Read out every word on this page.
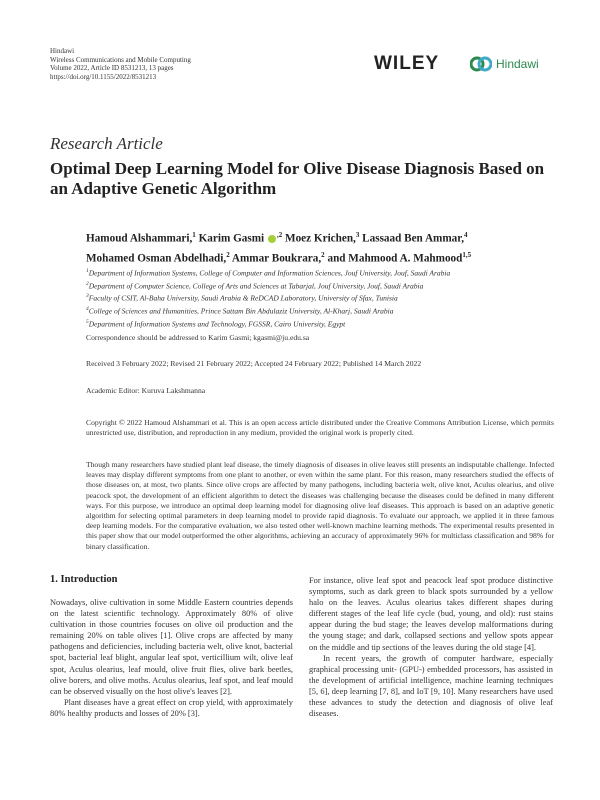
Hindawi
Wireless Communications and Mobile Computing
Volume 2022, Article ID 8531213, 13 pages
https://doi.org/10.1155/2022/8531213
WILEY	Hindawi
Research Article
Optimal Deep Learning Model for Olive Disease Diagnosis Based on an Adaptive Genetic Algorithm
Hamoud Alshammari,$^1$ Karim Gasmi $^{,2}$ Moez Krichen,$^3$ Lassaad Ben Ammar,$^4$
Mohamed Osman Abdelhadi,$^2$ Ammar Boukrara,$^2$ and Mahmood A. Mahmood$^{1,5}$
$^1$Department of Information Systems, College of Computer and Information Sciences, Jouf University, Jouf, Saudi Arabia
$^2$Department of Computer Science, College of Arts and Sciences at Tabarjal, Jouf University, Jouf, Saudi Arabia
$^3$Faculty of CSIT, Al-Baha University, Saudi Arabia & ReDCAD Laboratory, University of Sfax, Tunisia
$^4$College of Sciences and Humanities, Prince Sattam Bin Abdulaziz University, Al-Kharj, Saudi Arabia
$^5$Department of Information Systems and Technology, FGSSR, Cairo University, Egypt
Correspondence should be addressed to Karim Gasmi; kgasmi@ju.edu.sa
Received 3 February 2022; Revised 21 February 2022; Accepted 24 February 2022; Published 14 March 2022
Academic Editor: Kuruva Lakshmanna
Copyright © 2022 Hamoud Alshammari et al. This is an open access article distributed under the Creative Commons Attribution License, which permits unrestricted use, distribution, and reproduction in any medium, provided the original work is properly cited.
Though many researchers have studied plant leaf disease, the timely diagnosis of diseases in olive leaves still presents an indisputable challenge. Infected leaves may display different symptoms from one plant to another, or even within the same plant. For this reason, many researchers studied the effects of those diseases on, at most, two plants. Since olive crops are affected by many pathogens, including bacteria welt, olive knot, Aculus olearius, and olive peacock spot, the development of an efficient algorithm to detect the diseases was challenging because the diseases could be defined in many different ways. For this purpose, we introduce an optimal deep learning model for diagnosing olive leaf diseases. This approach is based on an adaptive genetic algorithm for selecting optimal parameters in deep learning model to provide rapid diagnosis. To evaluate our approach, we applied it in three famous deep learning models. For the comparative evaluation, we also tested other well-known machine learning methods. The experimental results presented in this paper show that our model outperformed the other algorithms, achieving an accuracy of approximately 96% for multiclass classification and 98% for binary classification.
1. Introduction

Nowadays, olive cultivation in some Middle Eastern countries depends on the latest scientific technology. Approximately 80% of olive cultivation in those countries focuses on olive oil production and the remaining 20% on table olives [1]. Olive crops are affected by many pathogens and deficiencies, including bacteria welt, olive knot, bacterial spot, bacterial leaf blight, angular leaf spot, verticillium wilt, olive leaf spot, Aculus olearius, leaf mould, olive fruit flies, olive bark beetles, olive borers, and olive moths. Aculus olearius, leaf spot, and leaf mould can be observed visually on the host olive's leaves [2].

Plant diseases have a great effect on crop yield, with approximately 80% healthy products and losses of 20% [3].

For instance, olive leaf spot and peacock leaf spot produce distinctive symptoms, such as dark green to black spots surrounded by a yellow halo on the leaves. Aculus olearius takes different shapes during different stages of the leaf life cycle (bud, young, and old): rust stains appear during the bud stage; the leaves develop malformations during the young stage; and dark, collapsed sections and yellow spots appear on the middle and tip sections of the leaves during the old stage [4].

In recent years, the growth of computer hardware, especially graphical processing unit- (GPU-) embedded processors, has assisted in the development of artificial intelligence, machine learning techniques [5, 6], deep learning [7, 8], and IoT [9, 10]. Many researchers have used these advances to study the detection and diagnosis of olive leaf diseases.
